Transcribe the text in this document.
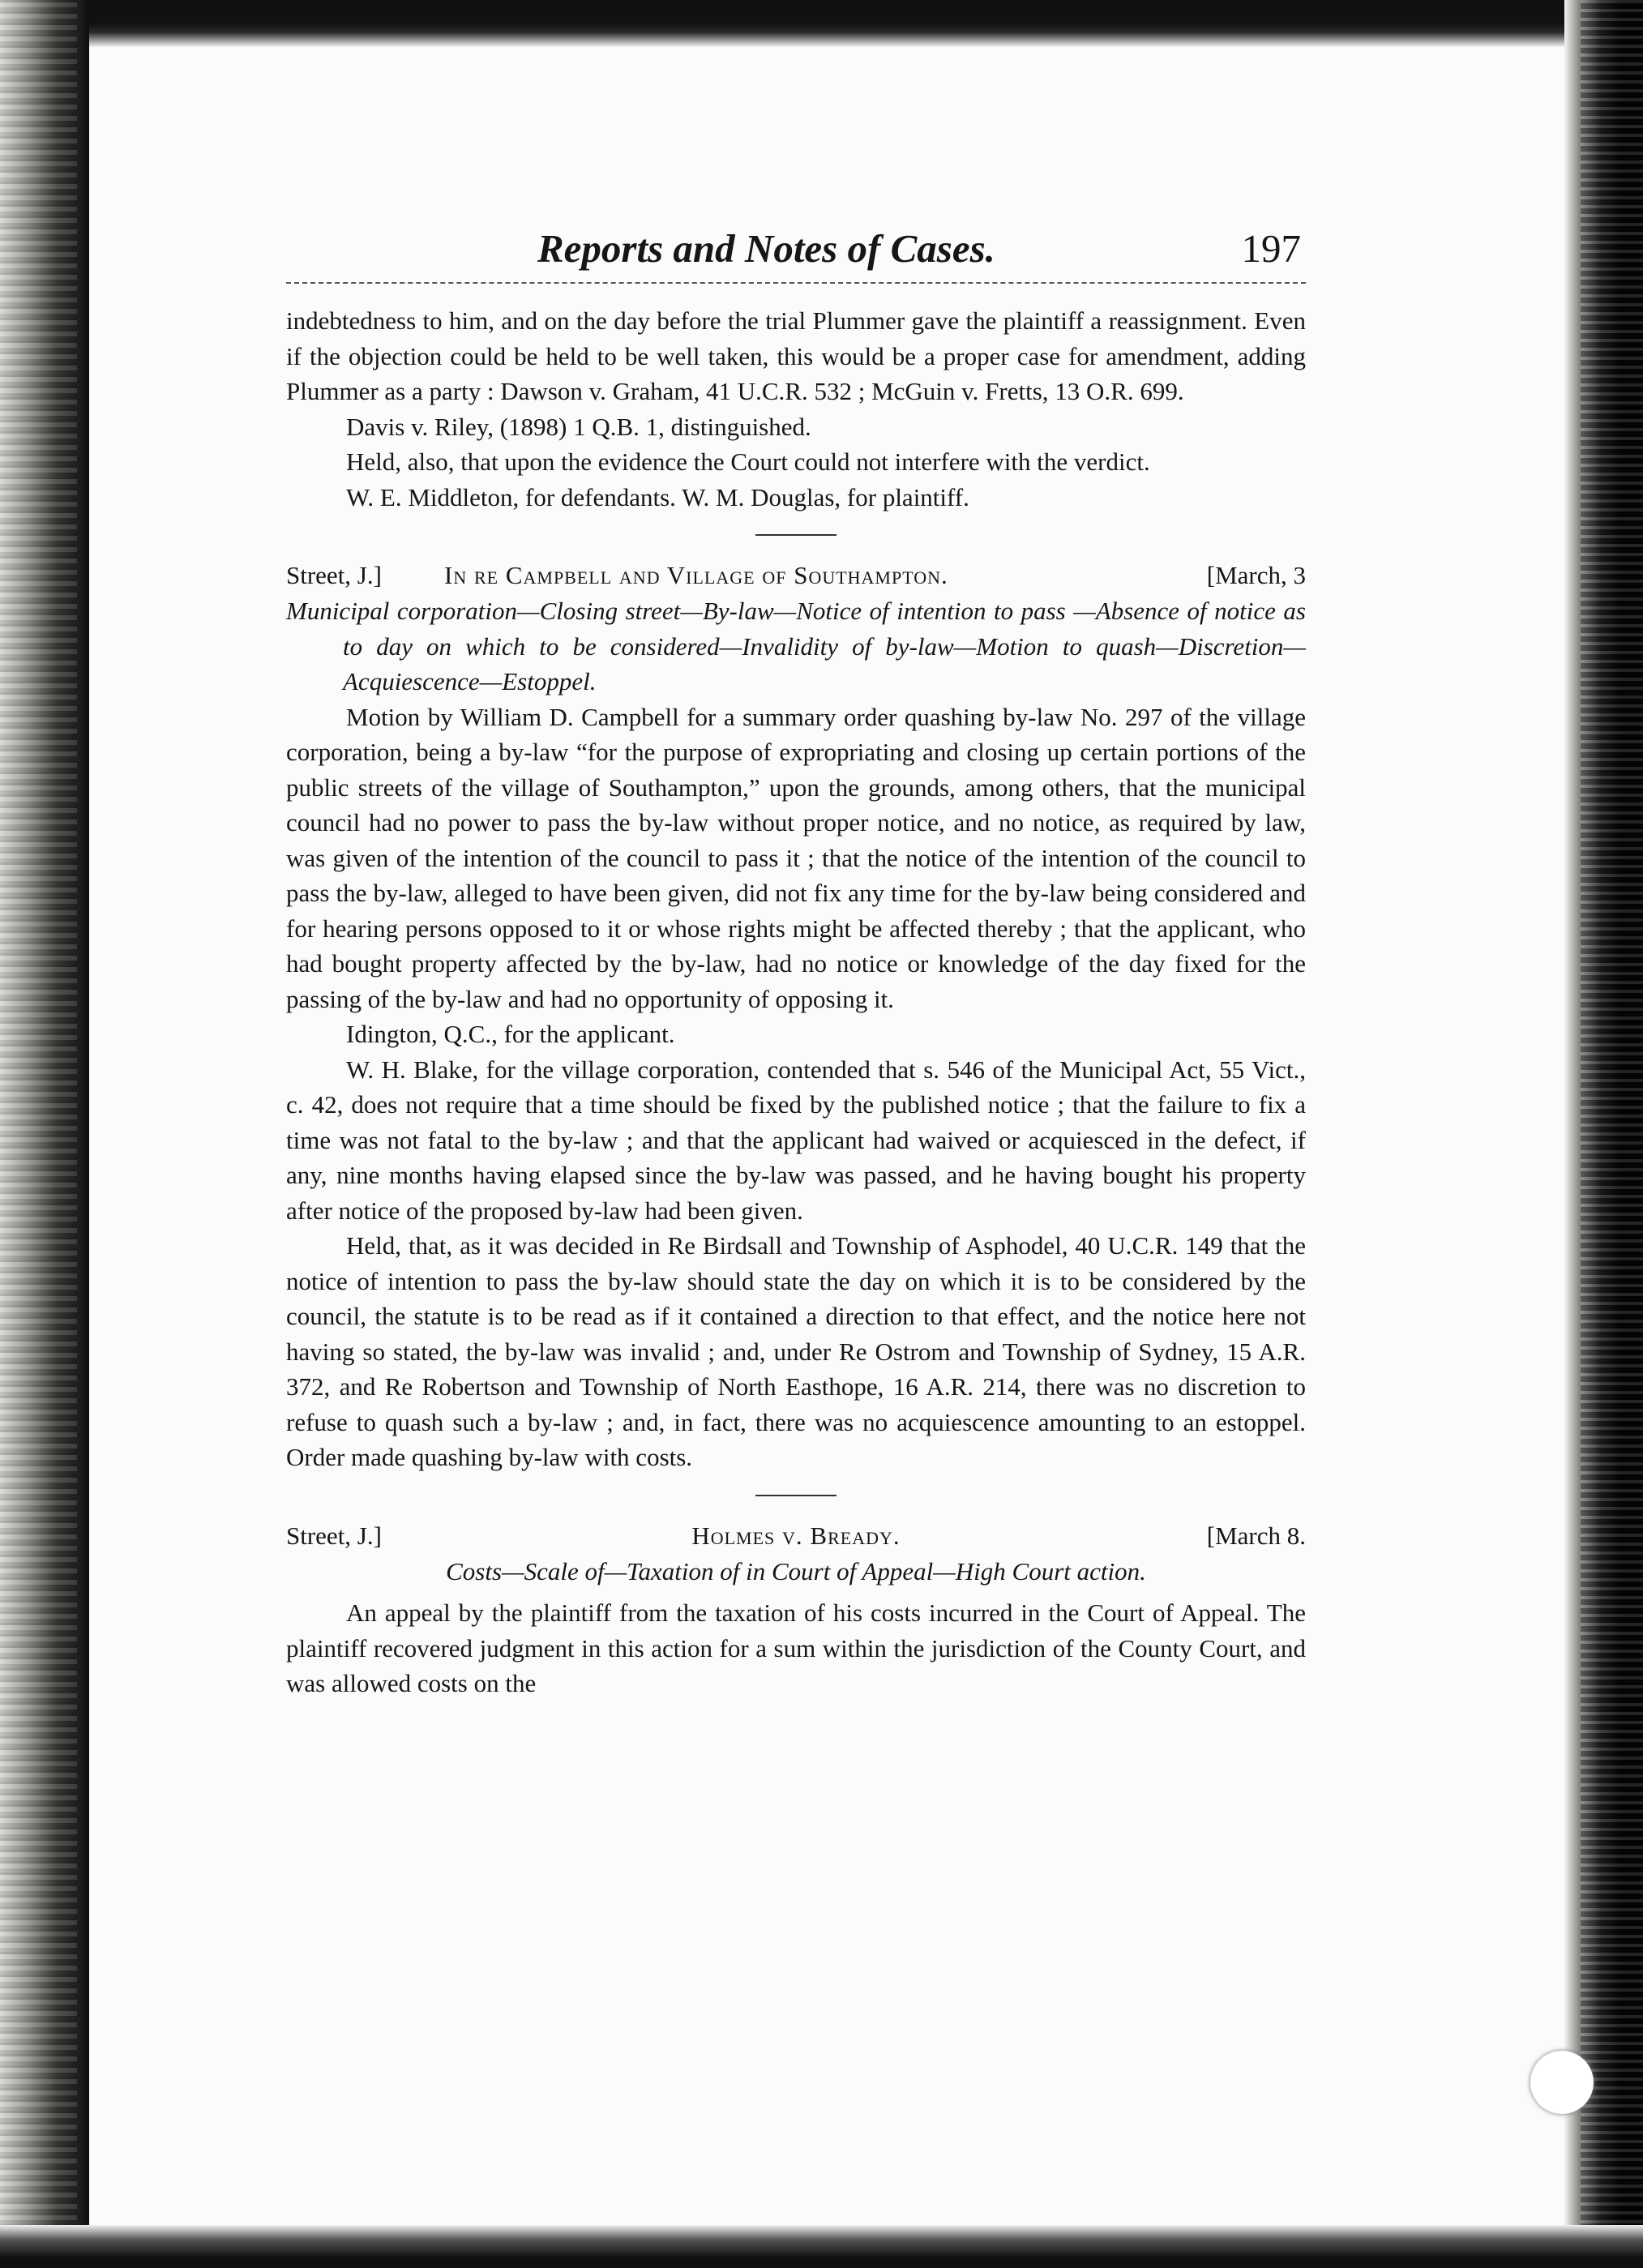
Reports and Notes of Cases.	197

indebtedness to him, and on the day before the trial Plummer gave the plaintiff a reassignment. Even if the objection could be held to be well taken, this would be a proper case for amendment, adding Plummer as a party : Dawson v. Graham, 41 U.C.R. 532 ; McGuin v. Fretts, 13 O.R. 699.

Davis v. Riley, (1898) 1 Q.B. 1, distinguished.

Held, also, that upon the evidence the Court could not interfere with the verdict.

W. E. Middleton, for defendants. W. M. Douglas, for plaintiff.

Street, J.] In re Campbell and Village of Southampton.	[March, 3

Municipal corporation—Closing street—By-law—Notice of intention to pass —Absence of notice as to day on which to be considered—Invalidity of by-law—Motion to quash—Discretion—Acquiescence—Estoppel.

Motion by William D. Campbell for a summary order quashing by-law No. 297 of the village corporation, being a by-law “for the purpose of expropriating and closing up certain portions of the public streets of the village of Southampton,” upon the grounds, among others, that the municipal council had no power to pass the by-law without proper notice, and no notice, as required by law, was given of the intention of the council to pass it ; that the notice of the intention of the council to pass the by-law, alleged to have been given, did not fix any time for the by-law being considered and for hearing persons opposed to it or whose rights might be affected thereby ; that the applicant, who had bought property affected by the by-law, had no notice or knowledge of the day fixed for the passing of the by-law and had no opportunity of opposing it.

Idington, Q.C., for the applicant.

W. H. Blake, for the village corporation, contended that s. 546 of the Municipal Act, 55 Vict., c. 42, does not require that a time should be fixed by the published notice ; that the failure to fix a time was not fatal to the by-law ; and that the applicant had waived or acquiesced in the defect, if any, nine months having elapsed since the by-law was passed, and he having bought his property after notice of the proposed by-law had been given.

Held, that, as it was decided in Re Birdsall and Township of Asphodel, 40 U.C.R. 149 that the notice of intention to pass the by-law should state the day on which it is to be considered by the council, the statute is to be read as if it contained a direction to that effect, and the notice here not having so stated, the by-law was invalid ; and, under Re Ostrom and Township of Sydney, 15 A.R. 372, and Re Robertson and Township of North Easthope, 16 A.R. 214, there was no discretion to refuse to quash such a by-law ; and, in fact, there was no acquiescence amounting to an estoppel. Order made quashing by-law with costs.

Street, J.]	Holmes v. Bready.	[March 8.

Costs—Scale of—Taxation of in Court of Appeal—High Court action.

An appeal by the plaintiff from the taxation of his costs incurred in the Court of Appeal. The plaintiff recovered judgment in this action for a sum within the jurisdiction of the County Court, and was allowed costs on the
